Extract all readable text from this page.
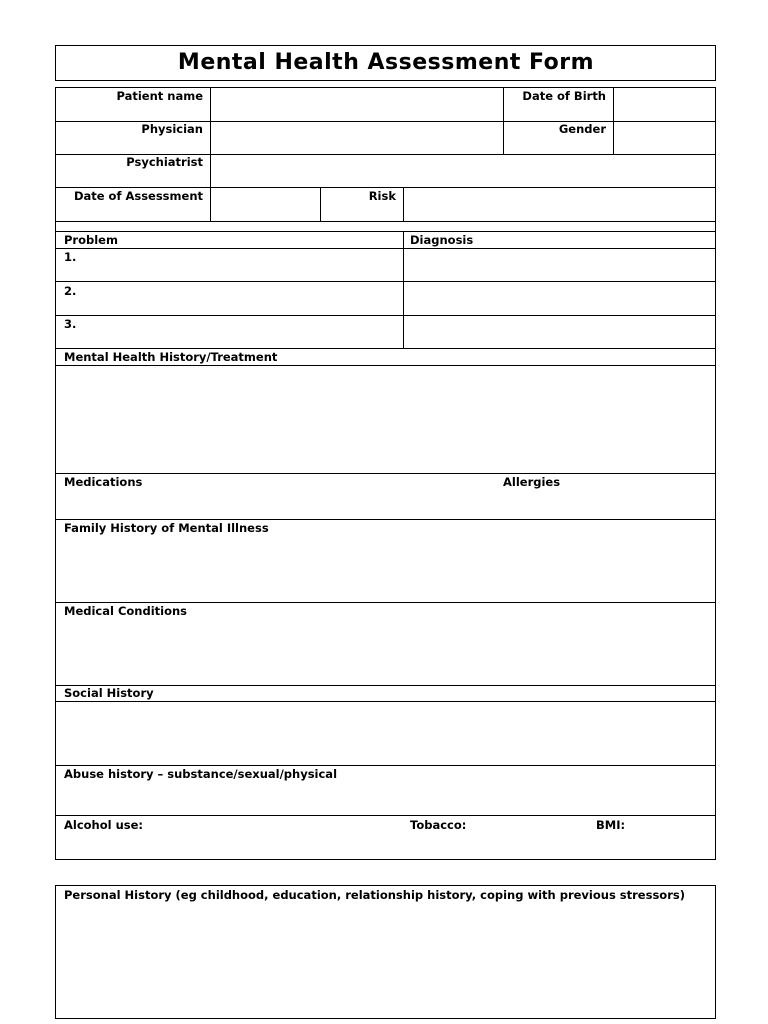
Mental Health Assessment Form
Patient name	Date of Birth
Physician	Gender
Psychiatrist
Date of Assessment	Risk
Problem	Diagnosis
1.
2.
3.
Mental Health History/Treatment
Medications	Allergies
Family History of Mental Illness
Medical Conditions
Social History
Abuse history – substance/sexual/physical
Alcohol use:	Tobacco:	BMI:
Personal History (eg childhood, education, relationship history, coping with previous stressors)
